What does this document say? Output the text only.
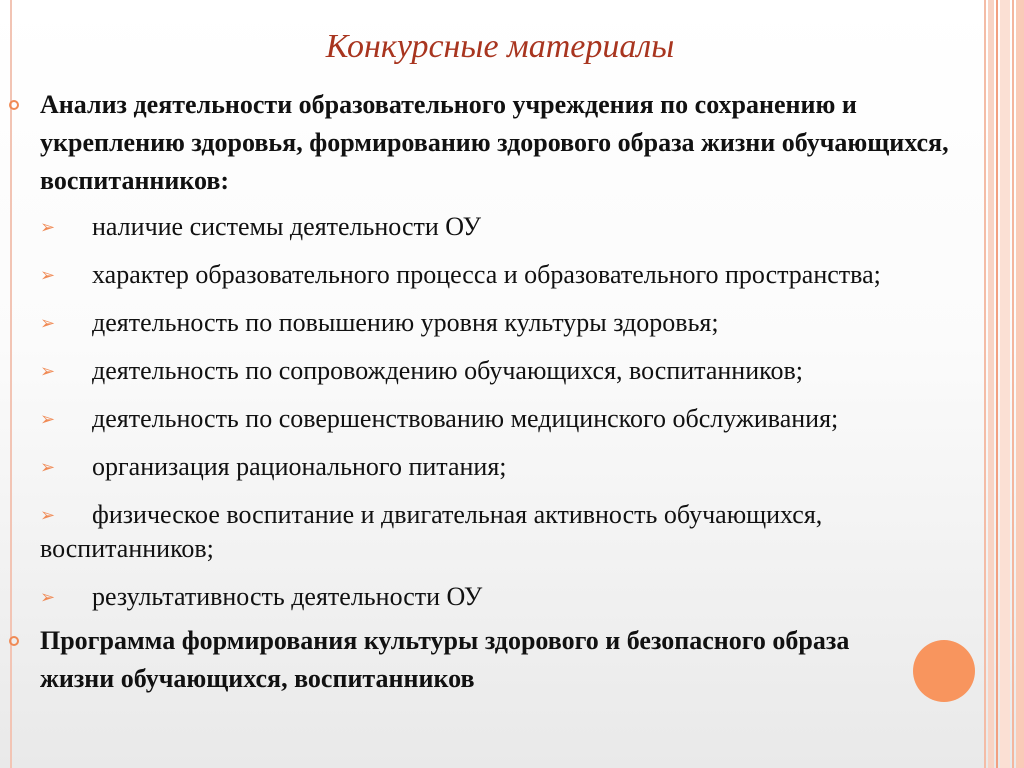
Конкурсные материалы
Анализ деятельности образовательного учреждения по сохранению и укреплению здоровья, формированию здорового образа жизни обучающихся, воспитанников:
➢ наличие системы деятельности ОУ
➢ характер образовательного процесса и образовательного пространства;
➢ деятельность по повышению уровня культуры здоровья;
➢ деятельность по сопровождению обучающихся, воспитанников;
➢ деятельность по совершенствованию медицинского обслуживания;
➢ организация рационального питания;
➢ физическое воспитание и двигательная активность обучающихся, воспитанников;
➢ результативность деятельности ОУ
Программа формирования культуры здорового и безопасного образа жизни обучающихся, воспитанников
